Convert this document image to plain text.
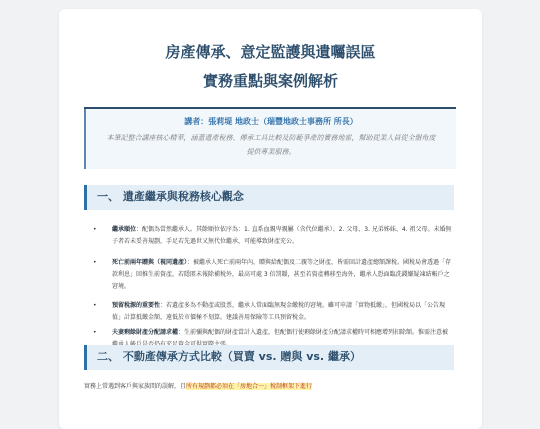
房產傳承、意定監護與遺囑誤區
實務重點與案例解析
講者：張莉堤 地政士（瑞豐地政士事務所 所長）
本筆記整合講座核心精華，涵蓋遺產稅務、傳承工具比較及防範爭產的實務地雷，幫助從業人員從全盤角度提供專業服務。
一、 遺產繼承與稅務核心觀念
•	繼承順位：配偶為當然繼承人。其餘順位依序為：1. 直系血親卑親屬（含代位繼承）、2. 父母、3. 兄弟姊妹、4. 祖父母。未婚無子者若未妥善規劃，手足若先過世又無代位繼承，可能導致財產充公。
•	死亡前兩年贈與（視同遺產）：被繼承人死亡前兩年內，贈與給配偶及二親等之財產，皆需回計遺產總額課稅。國稅局會透過「存款利息」回推生前資產，若隱匿未報除補稅外，最高可處 3 倍罰鍰，甚至若資產轉移至海外，繼承人恐面臨洗錢嫌疑凍結帳戶之窘境。
•	預留稅源的重要性：若遺產多為不動產或股票，繼承人常面臨無現金繳稅的窘境。雖可申請「實物抵繳」，但國稅局以「公告現值」計算抵繳金額，遠低於市價極不划算。建議善用保險等工具預留稅金。
•	夫妻剩餘財產分配請求權：生前彌與配偶的財產當計入遺產，但配偶行使剩餘財產分配請求權時可相應增列扣除額。惟需注意被
二、 不動產傳承方式比較（買賣 vs. 贈與 vs. 繼承）
實務上常遇到客戶與家族間的誤解，且所有規劃都必須在「房地合一」稅制框架下進行
